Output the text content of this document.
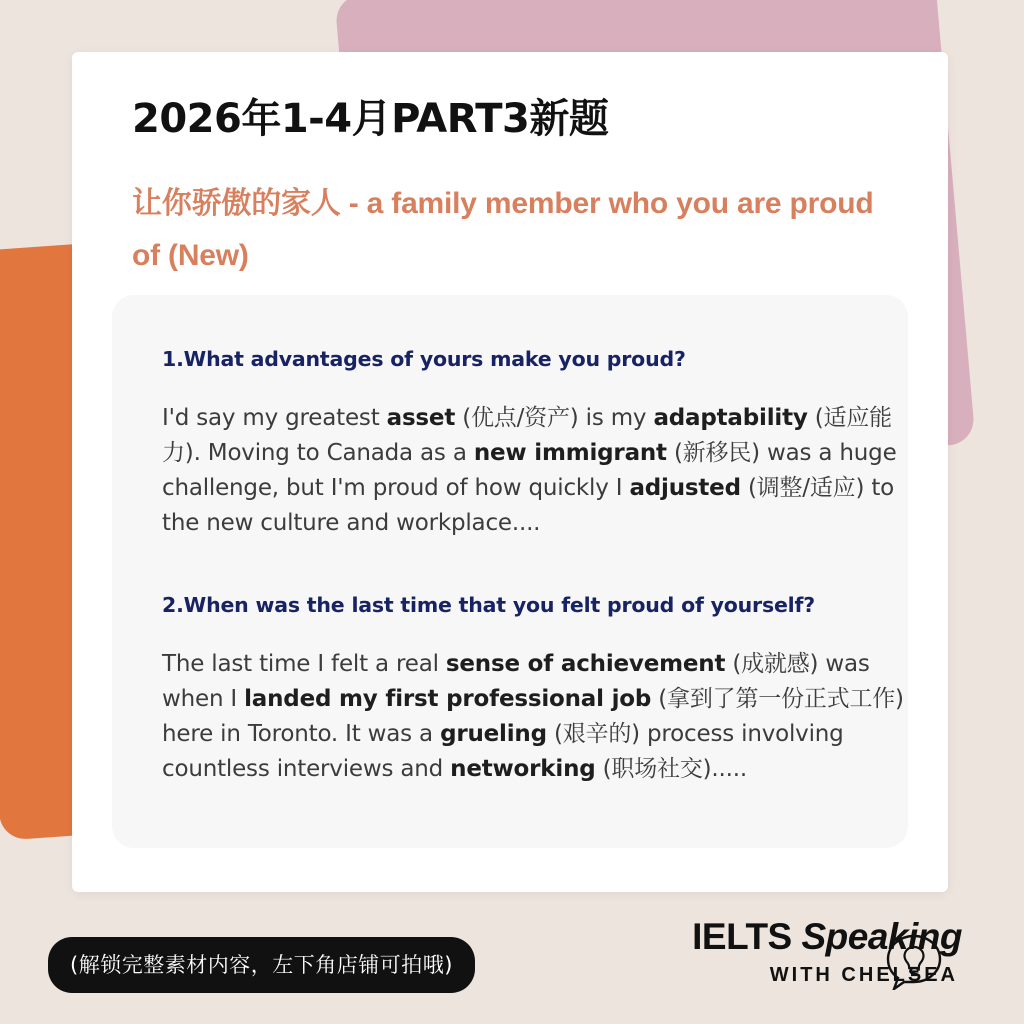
2026年1-4月PART3新题
让你骄傲的家人 - a family member who you are proud of (New)
1.What advantages of yours make you proud?
I'd say my greatest asset (优点/资产) is my adaptability (适应能力). Moving to Canada as a new immigrant (新移民) was a huge challenge, but I'm proud of how quickly I adjusted (调整/适应) to the new culture and workplace....
2.When was the last time that you felt proud of yourself?
The last time I felt a real sense of achievement (成就感) was when I landed my first professional job (拿到了第一份正式工作) here in Toronto. It was a grueling (艰辛的) process involving countless interviews and networking (职场社交).....
(解锁完整素材内容，左下角店铺可拍哦)
IELTS Speaking
WITH CHELSEA
